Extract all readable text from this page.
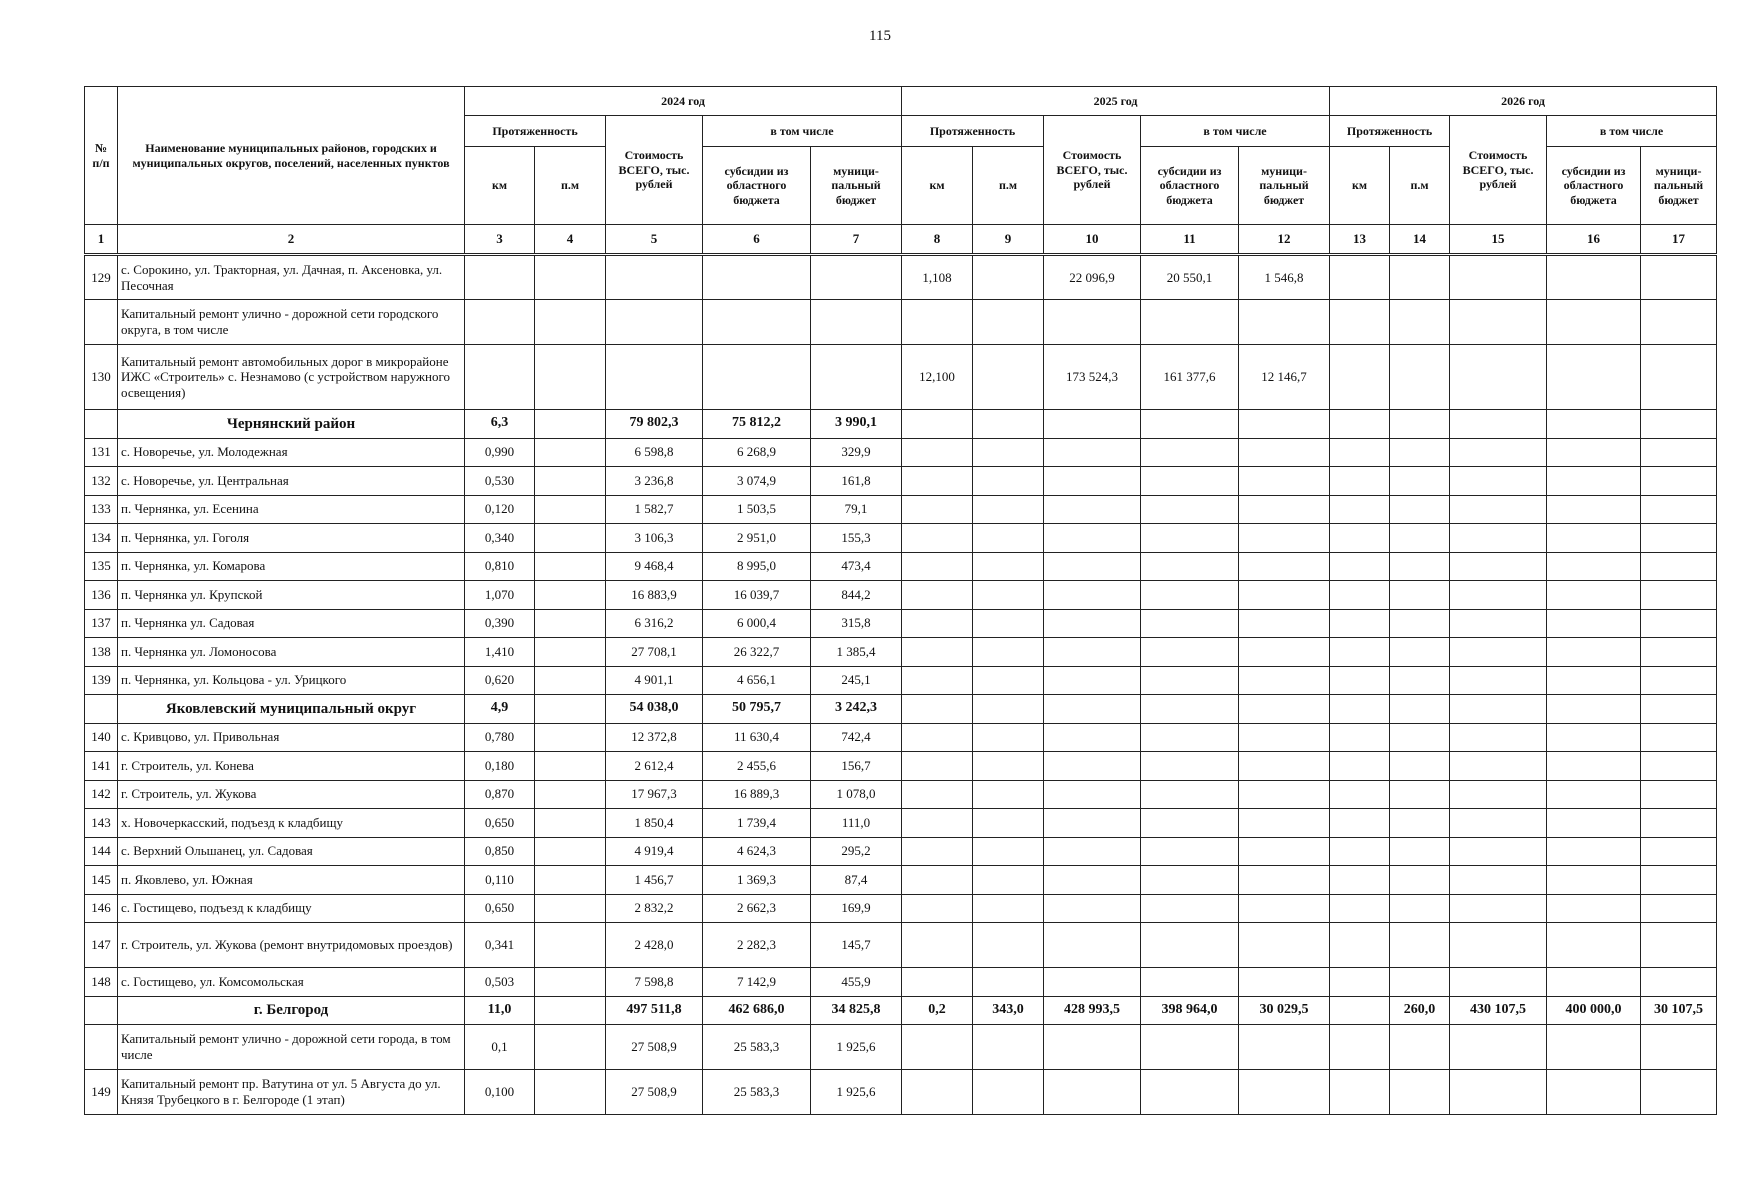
115
№
п/п	Наименование муниципальных районов, городских и муниципальных округов, поселений, населенных пунктов	2024 год					2025 год					2026 год				
		Протяженность		Стоимость ВСЕГО, тыс. рублей	в том числе		Протяженность		Стоимость ВСЕГО, тыс. рублей	в том числе		Протяженность		Стоимость ВСЕГО, тыс. рублей	в том числе	
		км	п.м		субсидии из областного бюджета	муници-пальный бюджет	км	п.м		субсидии из областного бюджета	муници-пальный бюджет	км	п.м		субсидии из областного бюджета	муници-пальный бюджет
1	2	3	4	5	6	7	8	9	10	11	12	13	14	15	16	17
129	с. Сорокино, ул. Тракторная, ул. Дачная, п. Аксеновка, ул. Песочная						1,108		22 096,9	20 550,1	1 546,8					
	Капитальный ремонт улично - дорожной сети городского округа, в том числе															
130	Капитальный ремонт автомобильных дорог в микрорайоне ИЖС «Строитель» с. Незнамово (с устройством наружного освещения)						12,100		173 524,3	161 377,6	12 146,7					
	Чернянский район	6,3		79 802,3	75 812,2	3 990,1										
131	с. Новоречье, ул. Молодежная	0,990		6 598,8	6 268,9	329,9										
132	с. Новоречье, ул. Центральная	0,530		3 236,8	3 074,9	161,8										
133	п. Чернянка, ул. Есенина	0,120		1 582,7	1 503,5	79,1										
134	п. Чернянка, ул. Гоголя	0,340		3 106,3	2 951,0	155,3										
135	п. Чернянка, ул. Комарова	0,810		9 468,4	8 995,0	473,4										
136	п. Чернянка ул. Крупской	1,070		16 883,9	16 039,7	844,2										
137	п. Чернянка ул. Садовая	0,390		6 316,2	6 000,4	315,8										
138	п. Чернянка ул. Ломоносова	1,410		27 708,1	26 322,7	1 385,4										
139	п. Чернянка, ул. Кольцова - ул. Урицкого	0,620		4 901,1	4 656,1	245,1										
	Яковлевский муниципальный округ	4,9		54 038,0	50 795,7	3 242,3										
140	с. Кривцово, ул. Привольная	0,780		12 372,8	11 630,4	742,4										
141	г. Строитель, ул. Конева	0,180		2 612,4	2 455,6	156,7										
142	г. Строитель, ул. Жукова	0,870		17 967,3	16 889,3	1 078,0										
143	х. Новочеркасский, подъезд к кладбищу	0,650		1 850,4	1 739,4	111,0										
144	с. Верхний Ольшанец, ул. Садовая	0,850		4 919,4	4 624,3	295,2										
145	п. Яковлево, ул. Южная	0,110		1 456,7	1 369,3	87,4										
146	с. Гостищево, подъезд к кладбищу	0,650		2 832,2	2 662,3	169,9										
147	г. Строитель, ул. Жукова (ремонт внутридомовых проездов)	0,341		2 428,0	2 282,3	145,7										
148	с. Гостищево, ул. Комсомольская	0,503		7 598,8	7 142,9	455,9										
	г. Белгород	11,0		497 511,8	462 686,0	34 825,8	0,2	343,0	428 993,5	398 964,0	30 029,5		260,0	430 107,5	400 000,0	30 107,5
	Капитальный ремонт улично - дорожной сети города, в том числе	0,1		27 508,9	25 583,3	1 925,6										
149	Капитальный ремонт пр. Ватутина от ул. 5 Августа до ул. Князя Трубецкого в г. Белгороде (1 этап)	0,100		27 508,9	25 583,3	1 925,6										
